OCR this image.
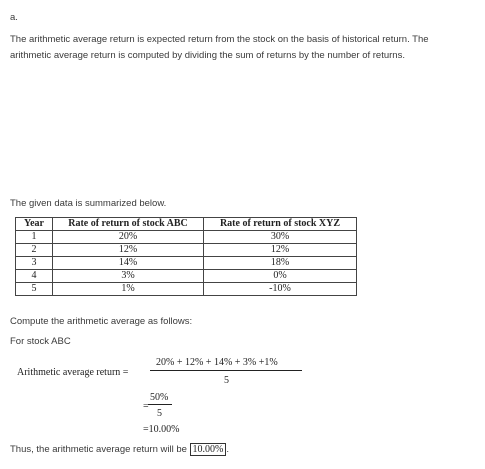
a.
The arithmetic average return is expected return from the stock on the basis of historical return. The arithmetic average return is computed by dividing the sum of returns by the number of returns.
The given data is summarized below.
Year	Rate of return of stock ABC	Rate of return of stock XYZ
1	20%	30%
2	12%	12%
3	14%	18%
4	3%	0%
5	1%	-10%
Compute the arithmetic average as follows:
For stock ABC
Arithmetic average return =
20% + 12% + 14% + 3% +1%
5
=
50%
5
=10.00%
Thus, the arithmetic average return will be 10.00% .
